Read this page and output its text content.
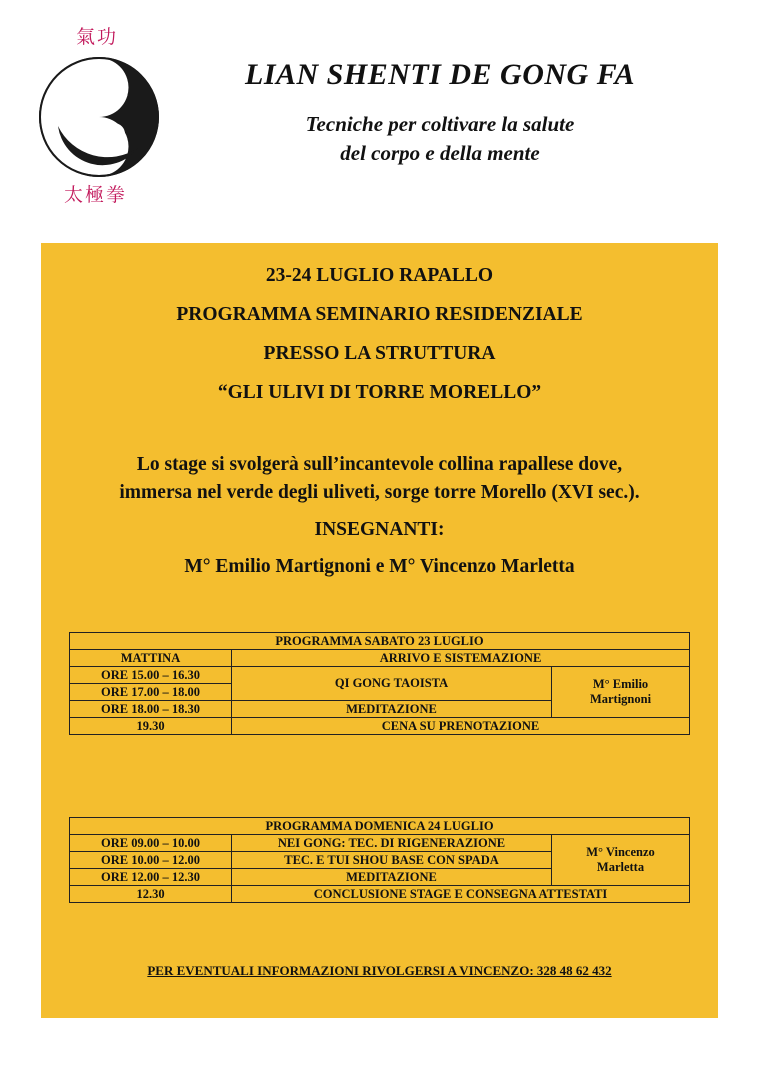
氣功
太極拳
LIAN SHENTI DE GONG FA
Tecniche per coltivare la salute
del corpo e della mente
23-24 LUGLIO RAPALLO
PROGRAMMA SEMINARIO RESIDENZIALE
PRESSO LA STRUTTURA
“GLI ULIVI DI TORRE MORELLO”
Lo stage si svolgerà sull’incantevole collina rapallese dove,
immersa nel verde degli uliveti, sorge torre Morello (XVI sec.).
INSEGNANTI:
M° Emilio Martignoni e M° Vincenzo Marletta
PROGRAMMA SABATO 23 LUGLIO		
MATTINA	ARRIVO E SISTEMAZIONE	
ORE 15.00 – 16.30	QI GONG TAOISTA	M° Emilio
Martignoni

ORE 17.00 – 18.00		
ORE 18.00 – 18.30	MEDITAZIONE	
19.30	CENA SU PRENOTAZIONE	
PROGRAMMA DOMENICA 24 LUGLIO		
ORE 09.00 – 10.00	NEI GONG: TEC. DI RIGENERAZIONE	M° Vincenzo
Marletta

ORE 10.00 – 12.00	TEC. E TUI SHOU BASE CON SPADA	
ORE 12.00 – 12.30	MEDITAZIONE	
12.30	CONCLUSIONE STAGE E CONSEGNA ATTESTATI	
PER EVENTUALI INFORMAZIONI RIVOLGERSI A VINCENZO: 328 48 62 432
